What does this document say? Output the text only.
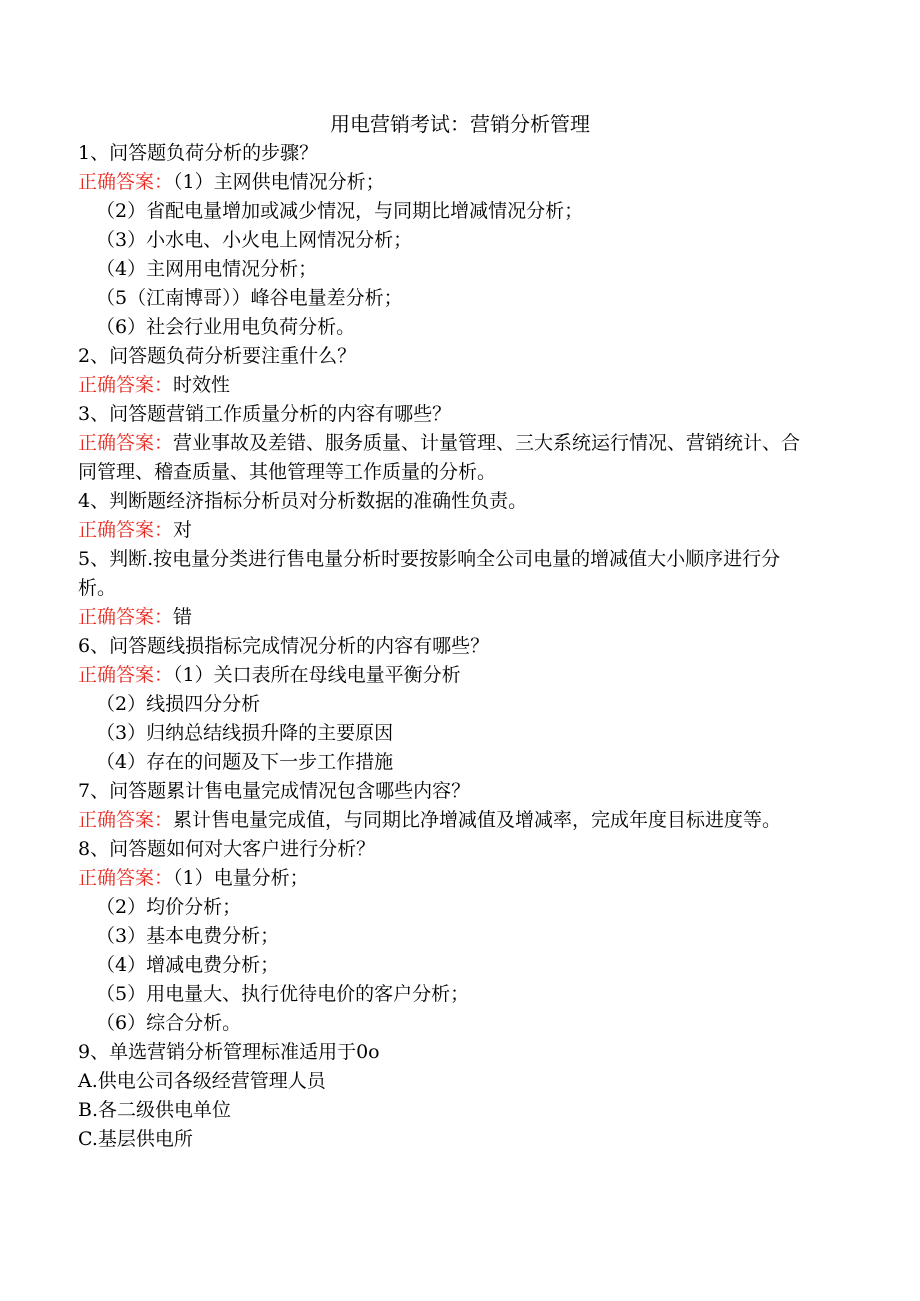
用电营销考试：营销分析管理
1、问答题负荷分析的步骤？
正确答案：（1）主网供电情况分析；
（2）省配电量增加或减少情况，与同期比增减情况分析；
（3）小水电、小火电上网情况分析；
（4）主网用电情况分析；
（5（江南博哥））峰谷电量差分析；
（6）社会行业用电负荷分析。
2、问答题负荷分析要注重什么？
正确答案：时效性
3、问答题营销工作质量分析的内容有哪些？
正确答案：营业事故及差错、服务质量、计量管理、三大系统运行情况、营销统计、合同管理、稽查质量、其他管理等工作质量的分析。
4、判断题经济指标分析员对分析数据的准确性负责。
正确答案：对
5、判断.按电量分类进行售电量分析时要按影响全公司电量的增减值大小顺序进行分析。
正确答案：错
6、问答题线损指标完成情况分析的内容有哪些？
正确答案：（1）关口表所在母线电量平衡分析
（2）线损四分分析
（3）归纳总结线损升降的主要原因
（4）存在的问题及下一步工作措施
7、问答题累计售电量完成情况包含哪些内容？
正确答案：累计售电量完成值，与同期比净增减值及增减率，完成年度目标进度等。
8、问答题如何对大客户进行分析？
正确答案：（1）电量分析；
（2）均价分析；
（3）基本电费分析；
（4）增减电费分析；
（5）用电量大、执行优待电价的客户分析；
（6）综合分析。
9、单选营销分析管理标准适用于0o
A.供电公司各级经营管理人员
B.各二级供电单位
C.基层供电所
